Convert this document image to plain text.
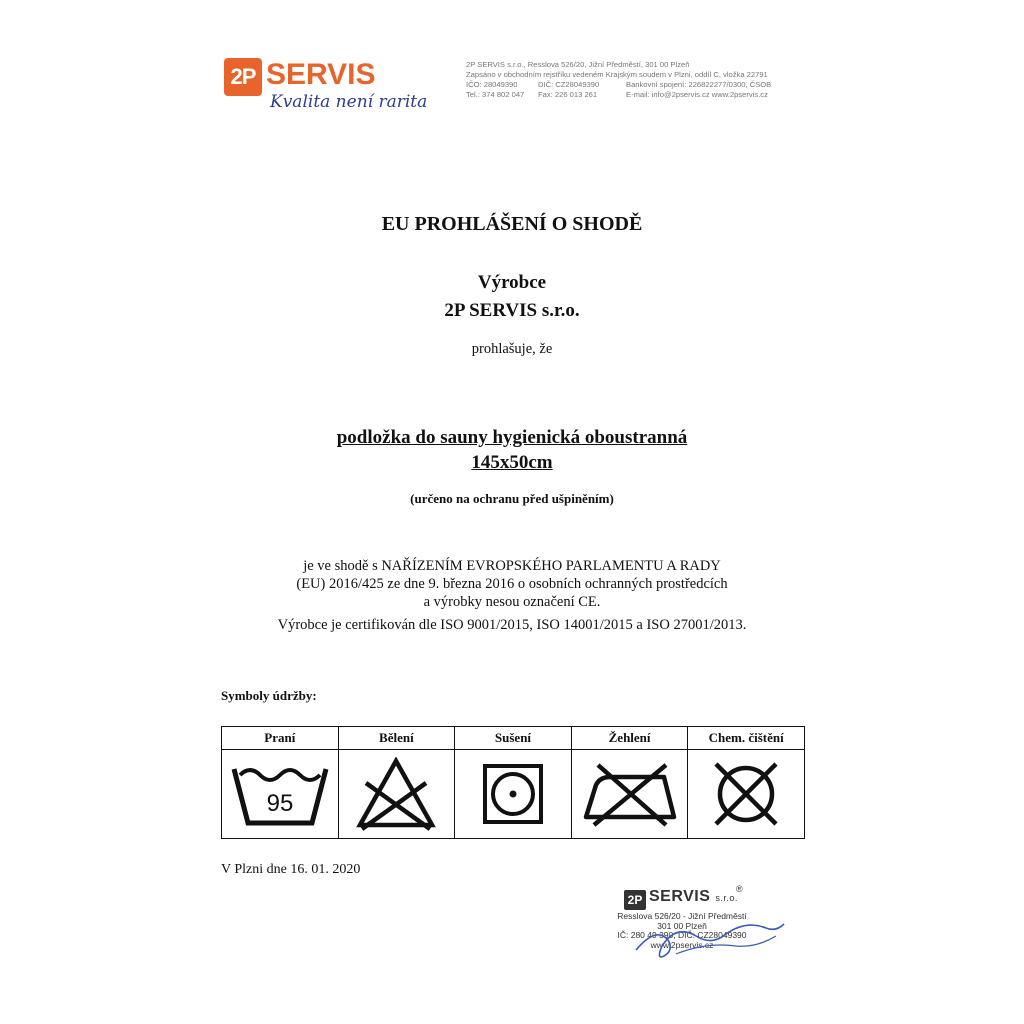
2P SERVIS
Kvalita není rarita
2P SERVIS s.r.o., Resslova 526/20, Jižní Předměstí, 301 00 Plzeň
Zapsáno v obchodním rejstříku vedeném Krajským soudem v Plzni, oddíl C, vložka 22791
IČO: 28049390	DIČ: CZ28049390	Bankovní spojení: 226822277/0300, ČSOB
Tel.: 374 802 047 Fax: 226 013 261	E-mail: info@2pservis.cz www.2pservis.cz
EU PROHLÁŠENÍ O SHODĚ
Výrobce
2P SERVIS s.r.o.
prohlašuje, že
podložka do sauny hygienická oboustranná
145x50cm
(určeno na ochranu před ušpiněním)
je ve shodě s NAŘÍZENÍM EVROPSKÉHO PARLAMENTU A RADY
(EU) 2016/425 ze dne 9. března 2016 o osobních ochranných prostředcích
a výrobky nesou označení CE.
Výrobce je certifikován dle ISO 9001/2015, ISO 14001/2015 a ISO 27001/2013.
Symboly údržby:
Praní	Bělení	Sušení	Žehlení	Chem. čištění

95

V Plzni dne 16. 01. 2020
2P SERVIS s.r.o.
®
Resslova 526/20 - Jižní Předměstí
301 00 Plzeň
IČ: 280 49 390, DIČ: CZ28049390
www.2pservis.cz
